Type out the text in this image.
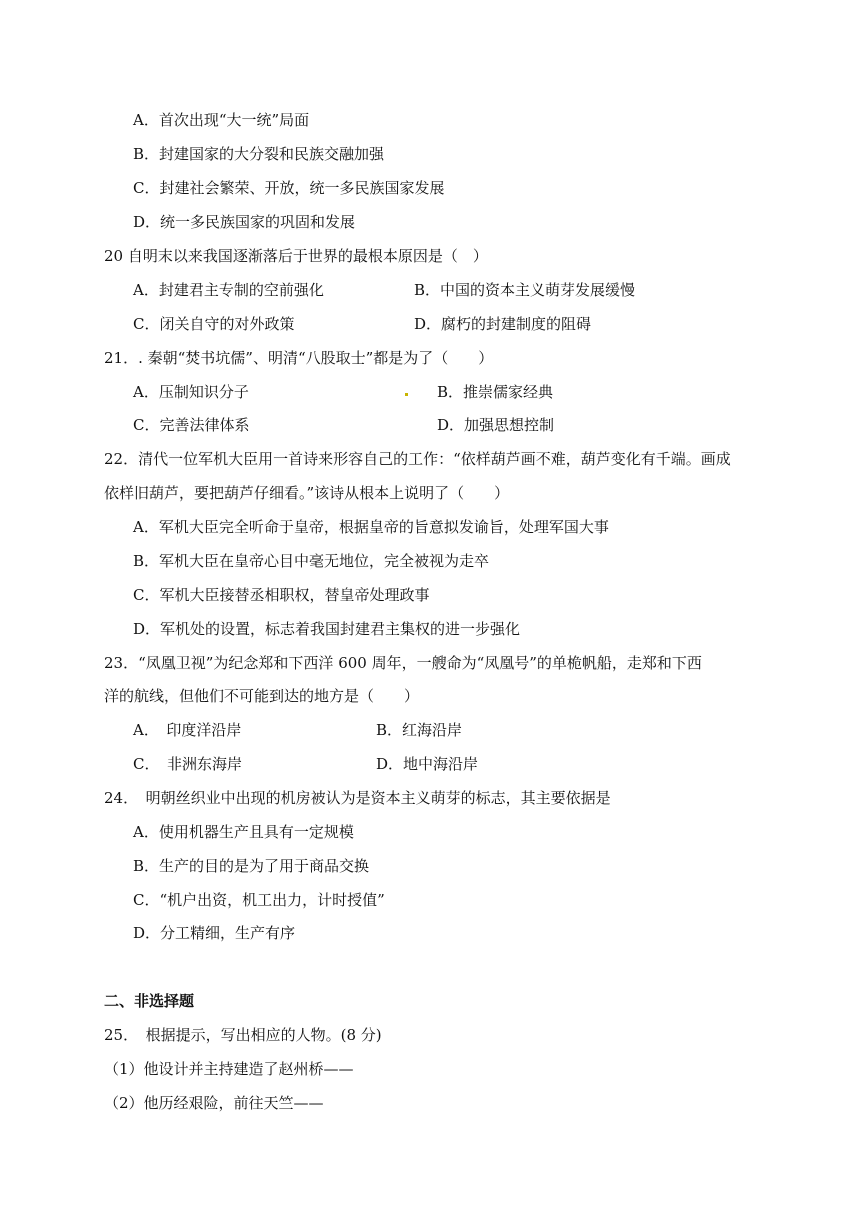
A．首次出现“大一统”局面
B．封建国家的大分裂和民族交融加强
C．封建社会繁荣、开放，统一多民族国家发展
D．统一多民族国家的巩固和发展
20 自明末以来我国逐渐落后于世界的最根本原因是（　）
A．封建君主专制的空前强化	B．中国的资本主义萌芽发展缓慢
C．闭关自守的对外政策	D．腐朽的封建制度的阻碍
21．. 秦朝“焚书坑儒”、明清“八股取士”都是为了（　　）
A．压制知识分子	B．推崇儒家经典
C．完善法律体系	D．加强思想控制
22．清代一位军机大臣用一首诗来形容自己的工作：“依样葫芦画不难，葫芦变化有千端。画成
依样旧葫芦，要把葫芦仔细看。”该诗从根本上说明了（　　）
A．军机大臣完全听命于皇帝，根据皇帝的旨意拟发谕旨，处理军国大事
B．军机大臣在皇帝心目中毫无地位，完全被视为走卒
C．军机大臣接替丞相职权，替皇帝处理政事
D．军机处的设置，标志着我国封建君主集权的进一步强化
23．“凤凰卫视”为纪念郑和下西洋 600 周年，一艘命为“凤凰号”的单桅帆船，走郑和下西
洋的航线，但他们不可能到达的地方是（　　）
A．　印度洋沿岸	B．红海沿岸
C．　非洲东海岸	D．地中海沿岸
24．　明朝丝织业中出现的机房被认为是资本主义萌芽的标志，其主要依据是
A．使用机器生产且具有一定规模
B．生产的目的是为了用于商品交换
C．“机户出资，机工出力，计时授值”
D．分工精细，生产有序
二、非选择题
25．　根据提示，写出相应的人物。(8 分)
（1）他设计并主持建造了赵州桥——
（2）他历经艰险，前往天竺——
